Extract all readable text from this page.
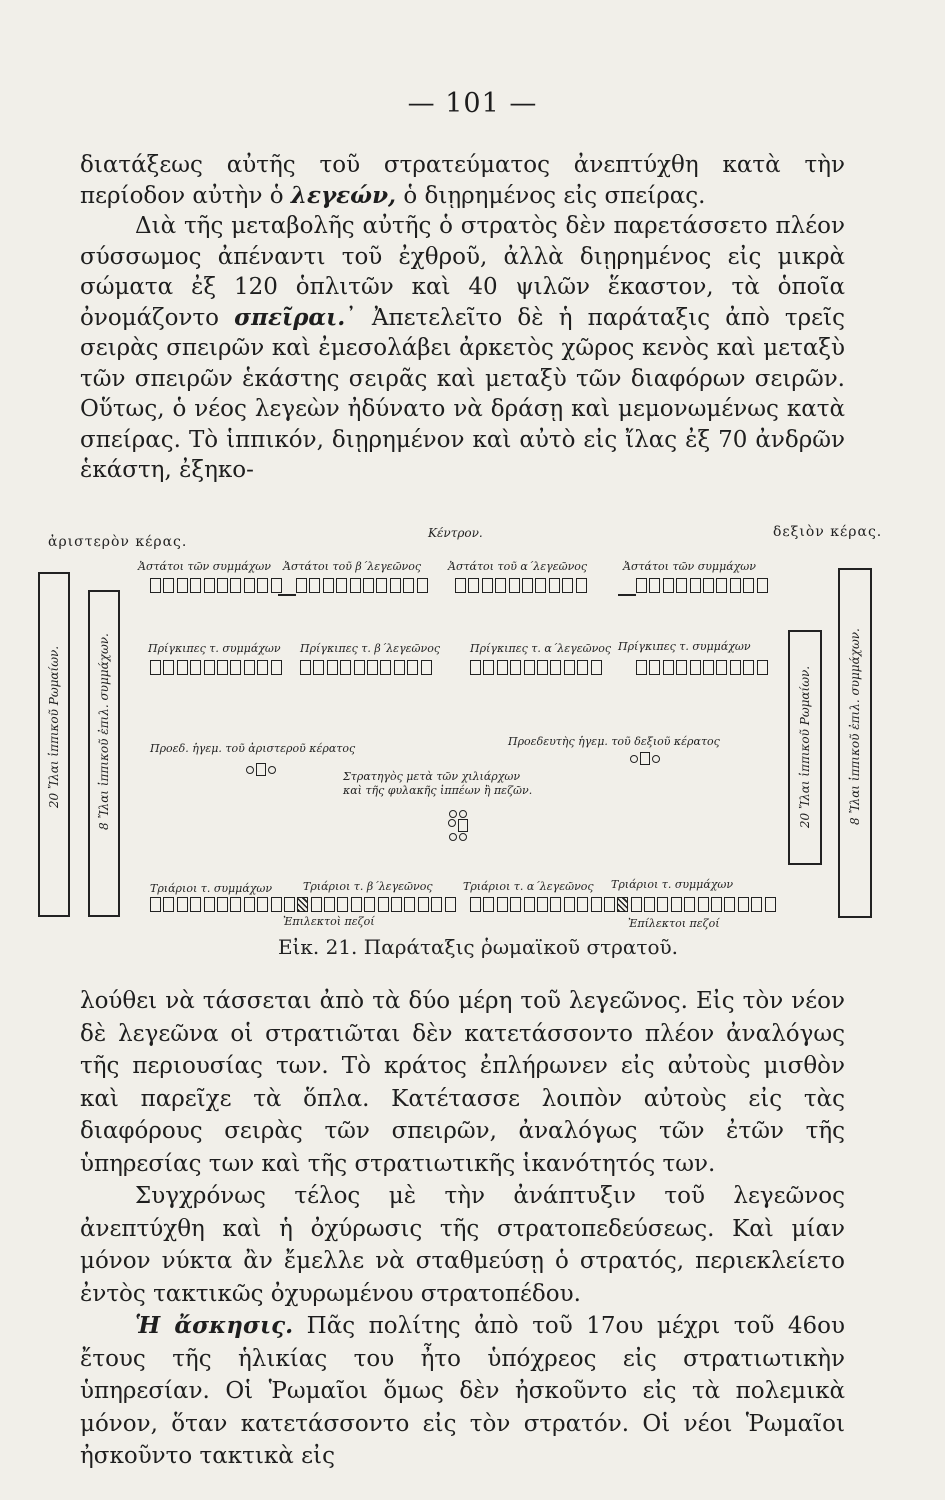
— 101 —

διατάξεως αὐτῆς τοῦ στρατεύματος ἀνεπτύχθη κατὰ τὴν περίοδον αὐτὴν ὁ λεγεών, ὁ διῃρημένος εἰς σπείρας.

Διὰ τῆς μεταβολῆς αὐτῆς ὁ στρατὸς δὲν παρετάσσετο πλέον σύσσωμος ἀπέναντι τοῦ ἐχθροῦ, ἀλλὰ διῃρημένος εἰς μικρὰ σώματα ἐξ 120 ὁπλιτῶν καὶ 40 ψιλῶν ἕκαστον, τὰ ὁποῖα ὀνομάζοντο σπεῖραι.᾿ Ἀπετελεῖτο δὲ ἡ παράταξις ἀπὸ τρεῖς σειρὰς σπειρῶν καὶ ἐμεσολάβει ἀρκετὸς χῶρος κενὸς καὶ μεταξὺ τῶν σπειρῶν ἑκάστης σειρᾶς καὶ μεταξὺ τῶν διαφόρων σειρῶν. Οὕτως, ὁ νέος λεγεὼν ἠδύνατο νὰ δράσῃ καὶ μεμονωμένως κατὰ σπείρας. Τὸ ἱππικόν, διῃρημένον καὶ αὐτὸ εἰς ἴλας ἐξ 70 ἀνδρῶν ἑκάστη, ἐξηκο-

ἀριστερὸν κέρας.
Κέντρον.	δεξιὸν κέρας.
20 Ἴλαι ἱππικοῦ Ρωμαίων.	8 Ἴλαι ἱππικοῦ ἐπιλ. συμμάχων.	20 Ἴλαι ἱππικοῦ Ρωμαίων.	8 Ἴλαι ἱππικοῦ ἐπιλ. συμμάχων.
Ἀστάτοι τῶν συμμάχων Ἀστάτοι τοῦ β´λεγεῶνος Ἀστάτοι τοῦ α´λεγεῶνος	Ἀστάτοι τῶν συμμάχων
Πρίγκιπες τ. συμμάχων Πρίγκιπες τ. β´λεγεῶνος	Πρίγκιπες τ. α´λεγεῶνος Πρίγκιπες τ. συμμάχων
Προεδ. ἡγεμ. τοῦ ἀριστεροῦ κέρατος
Προεδευτὴς ἡγεμ. τοῦ δεξιοῦ κέρατος
Στρατηγὸς μετὰ τῶν χιλιάρχων
καὶ τῆς φυλακῆς ἱππέων ἢ πεζῶν.
Τριάριοι τ. συμμάχων	Τριάριοι τ. β´λεγεῶνος	Τριάριοι τ. α´λεγεῶνος Τριάριοι τ. συμμάχων
Ἐπιλεκτοὶ πεζοί	Ἐπίλεκτοι πεζοί
Εἰκ. 21. Παράταξις ῥωμαϊκοῦ στρατοῦ.

λούθει νὰ τάσσεται ἀπὸ τὰ δύο μέρη τοῦ λεγεῶνος. Εἰς τὸν νέον δὲ λεγεῶνα οἱ στρατιῶται δὲν κατετάσσοντο πλέον ἀναλόγως τῆς περιουσίας των. Τὸ κράτος ἐπλήρωνεν εἰς αὐτοὺς μισθὸν καὶ παρεῖχε τὰ ὅπλα. Κατέτασσε λοιπὸν αὐτοὺς εἰς τὰς διαφόρους σειρὰς τῶν σπειρῶν, ἀναλόγως τῶν ἐτῶν τῆς ὑπηρεσίας των καὶ τῆς στρατιωτικῆς ἱκανότητός των.

Συγχρόνως τέλος μὲ τὴν ἀνάπτυξιν τοῦ λεγεῶνος ἀνεπτύχθη καὶ ἡ ὀχύρωσις τῆς στρατοπεδεύσεως. Καὶ μίαν μόνον νύκτα ἂν ἔμελλε νὰ σταθμεύσῃ ὁ στρατός, περιεκλείετο ἐντὸς τακτικῶς ὀχυρωμένου στρατοπέδου.

Ἡ ἄσκησις. Πᾶς πολίτης ἀπὸ τοῦ 17ου μέχρι τοῦ 46ου ἔτους τῆς ἡλικίας του ἦτο ὑπόχρεος εἰς στρατιωτικὴν ὑπηρεσίαν. Οἱ Ῥωμαῖοι ὅμως δὲν ἠσκοῦντο εἰς τὰ πολεμικὰ μόνον, ὅταν κατετάσσοντο εἰς τὸν στρατόν. Οἱ νέοι Ῥωμαῖοι ἠσκοῦντο τακτικὰ εἰς
